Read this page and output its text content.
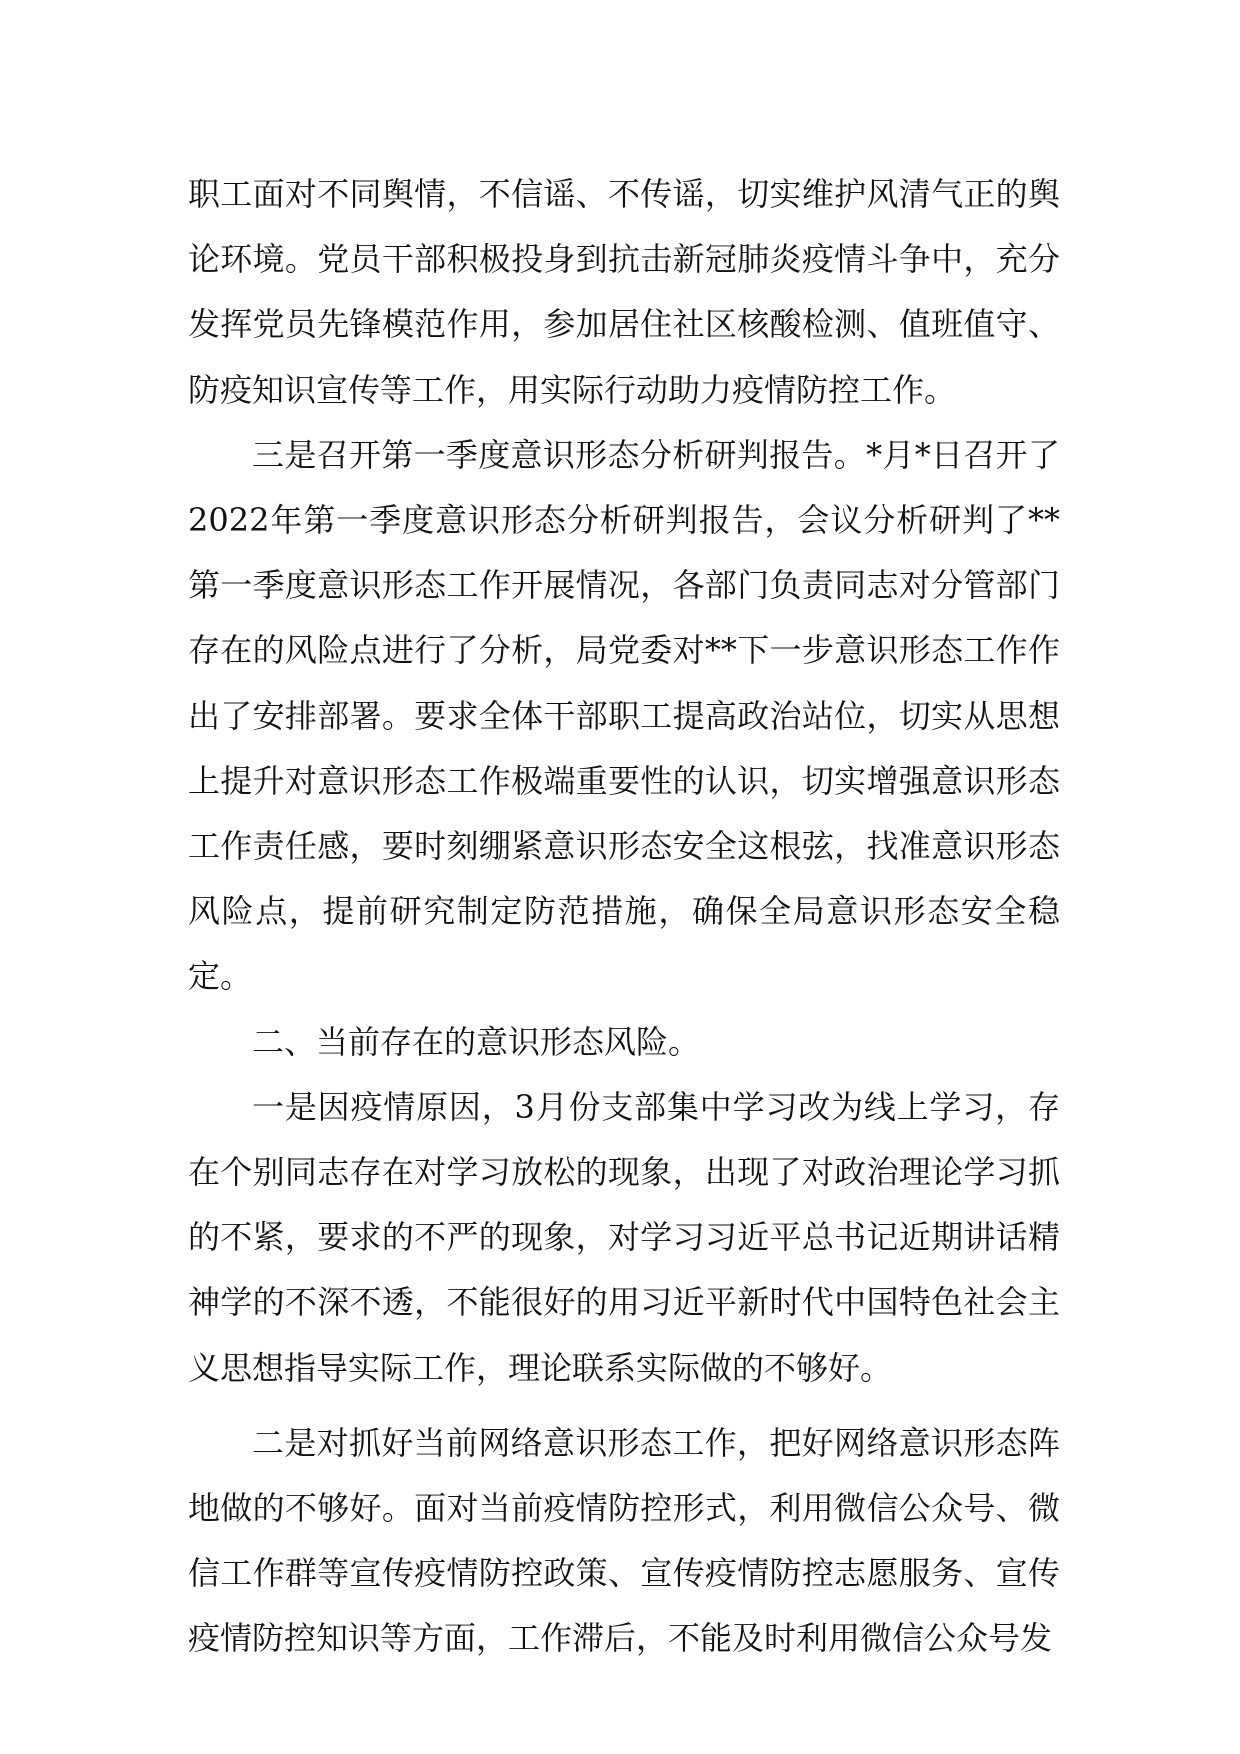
职工面对不同舆情，不信谣、不传谣，切实维护风清气正的舆论环境。党员干部积极投身到抗击新冠肺炎疫情斗争中，充分发挥党员先锋模范作用，参加居住社区核酸检测、值班值守、防疫知识宣传等工作，用实际行动助力疫情防控工作。

三是召开第一季度意识形态分析研判报告。*月*日召开了2022年第一季度意识形态分析研判报告，会议分析研判了**第一季度意识形态工作开展情况，各部门负责同志对分管部门存在的风险点进行了分析，局党委对**下一步意识形态工作作出了安排部署。要求全体干部职工提高政治站位，切实从思想上提升对意识形态工作极端重要性的认识，切实增强意识形态工作责任感，要时刻绷紧意识形态安全这根弦，找准意识形态风险点，提前研究制定防范措施，确保全局意识形态安全稳定。

二、当前存在的意识形态风险。

一是因疫情原因，3月份支部集中学习改为线上学习，存在个别同志存在对学习放松的现象，出现了对政治理论学习抓的不紧，要求的不严的现象，对学习习近平总书记近期讲话精神学的不深不透，不能很好的用习近平新时代中国特色社会主义思想指导实际工作，理论联系实际做的不够好。

二是对抓好当前网络意识形态工作，把好网络意识形态阵地做的不够好。面对当前疫情防控形式，利用微信公众号、微信工作群等宣传疫情防控政策、宣传疫情防控志愿服务、宣传疫情防控知识等方面，工作滞后，不能及时利用微信公众号发
